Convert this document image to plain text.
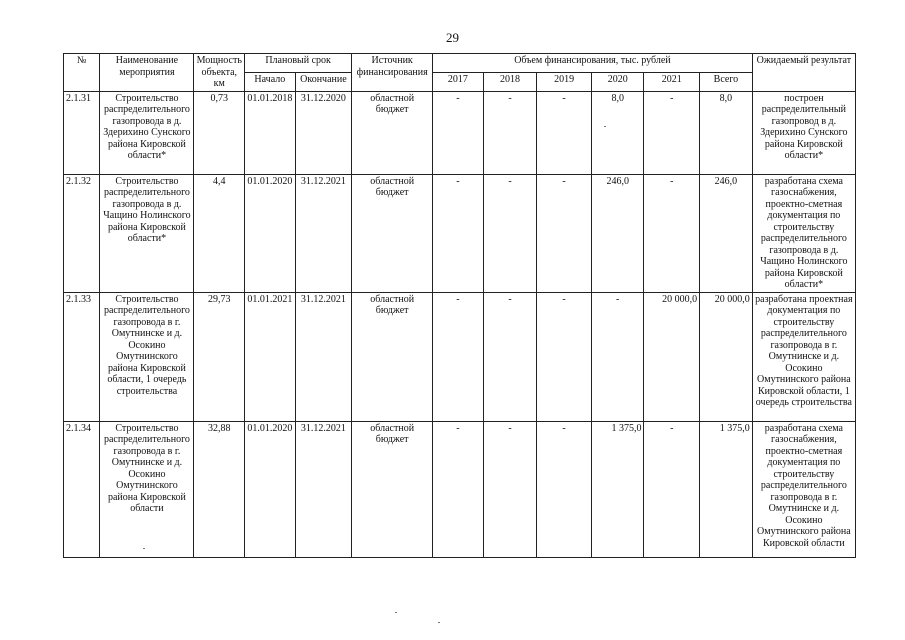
29
№	Наименование мероприятия	Мощность объекта, км	Плановый срок		Источник финансирования	Объем финансирования, тыс. рублей						Ожидаемый результат
			Начало	Окончание		2017	2018	2019	2020	2021	Всего	
2.1.31	Строительство распределительного газопровода в д. Здерихино Сунского района Кировской области*	0,73	01.01.2018	31.12.2020	областной бюджет	-	-	-	8,0	-	8,0	построен распределительный газопровод в д. Здерихино Сунского района Кировской области*
2.1.32	Строительство распределительного газопровода в д. Чащино Нолинского района Кировской области*	4,4	01.01.2020	31.12.2021	областной бюджет	-	-	-	246,0	-	246,0	разработана схема газоснабжения, проектно-сметная документация по строительству распределительного газопровода в д. Чащино Нолинского района Кировской области*
2.1.33	Строительство распределительного газопровода в г. Омутнинске и д. Осокино Омутнинского района Кировской области, 1 очередь строительства	29,73	01.01.2021	31.12.2021	областной бюджет	-	-	-	-	20 000,0	20 000,0	разработана проектная документация по строительству распределительного газопровода в г. Омутнинске и д. Осокино Омутнинского района Кировской области, 1 очередь строительства
2.1.34	Строительство распределительного газопровода в г. Омутнинске и д. Осокино Омутнинского района Кировской области	32,88	01.01.2020	31.12.2021	областной бюджет	-	-	-	1 375,0	-	1 375,0	разработана схема газоснабжения, проектно-сметная документация по строительству распределительного газопровода в г. Омутнинске и д. Осокино Омутнинского района Кировской области
